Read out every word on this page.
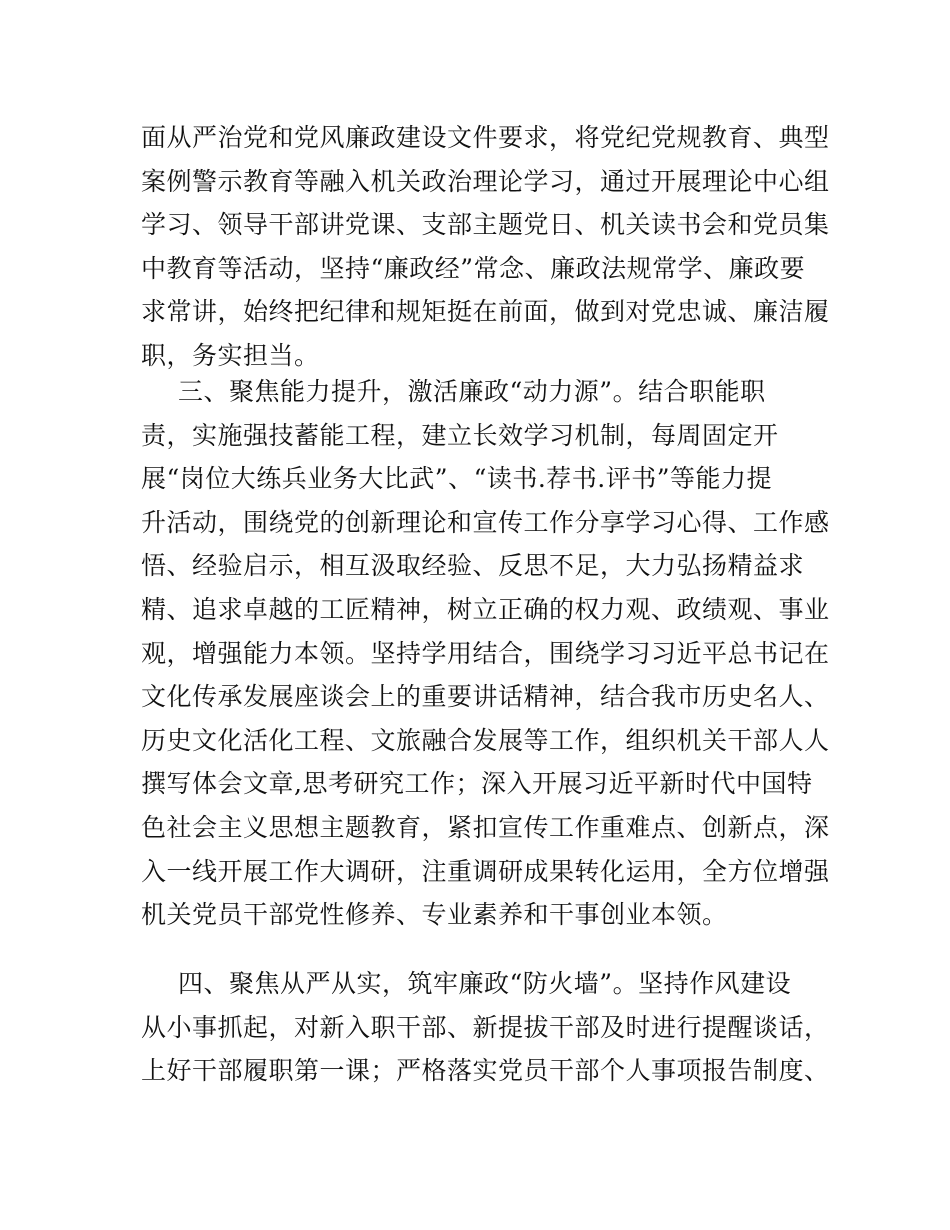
面从严治党和党风廉政建设文件要求，将党纪党规教育、典型
案例警示教育等融入机关政治理论学习，通过开展理论中心组
学习、领导干部讲党课、支部主题党日、机关读书会和党员集
中教育等活动，坚持“廉政经”常念、廉政法规常学、廉政要
求常讲，始终把纪律和规矩挺在前面，做到对党忠诚、廉洁履
职，务实担当。
三、聚焦能力提升，激活廉政“动力源”。结合职能职
责，实施强技蓄能工程，建立长效学习机制，每周固定开
展“岗位大练兵业务大比武”、“读书.荐书.评书”等能力提
升活动，围绕党的创新理论和宣传工作分享学习心得、工作感
悟、经验启示，相互汲取经验、反思不足，大力弘扬精益求
精、追求卓越的工匠精神，树立正确的权力观、政绩观、事业
观，增强能力本领。坚持学用结合，围绕学习习近平总书记在
文化传承发展座谈会上的重要讲话精神，结合我市历史名人、
历史文化活化工程、文旅融合发展等工作，组织机关干部人人
撰写体会文章,思考研究工作；深入开展习近平新时代中国特
色社会主义思想主题教育，紧扣宣传工作重难点、创新点，深
入一线开展工作大调研，注重调研成果转化运用，全方位增强
机关党员干部党性修养、专业素养和干事创业本领。
四、聚焦从严从实，筑牢廉政“防火墙”。坚持作风建设
从小事抓起，对新入职干部、新提拔干部及时进行提醒谈话，
上好干部履职第一课；严格落实党员干部个人事项报告制度、
